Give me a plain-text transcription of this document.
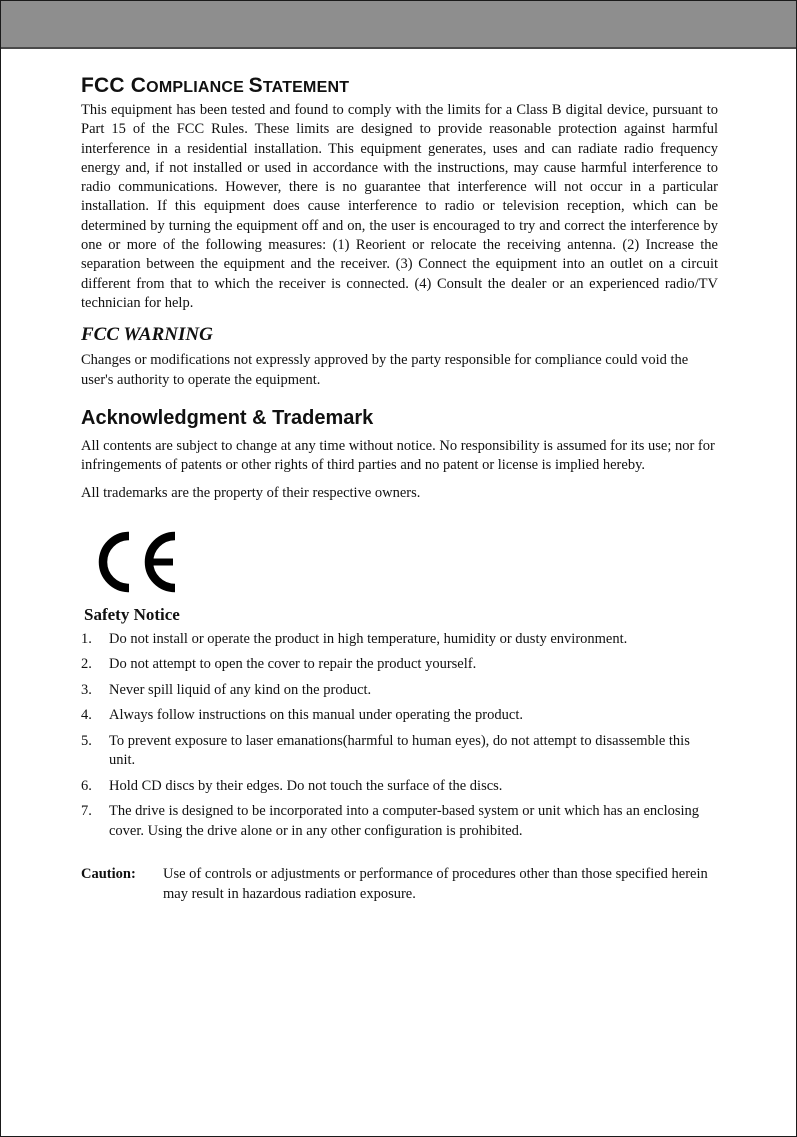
FCC COMPLIANCE STATEMENT

This equipment has been tested and found to comply with the limits for a Class B digital device, pursuant to Part 15 of the FCC Rules. These limits are designed to provide reasonable protection against harmful interference in a residential installation. This equipment generates, uses and can radiate radio frequency energy and, if not installed or used in accordance with the instructions, may cause harmful interference to radio communications. However, there is no guarantee that interference will not occur in a particular installation. If this equipment does cause interference to radio or television reception, which can be determined by turning the equipment off and on, the user is encouraged to try and correct the interference by one or more of the following measures: (1) Reorient or relocate the receiving antenna. (2) Increase the separation between the equipment and the receiver. (3) Connect the equipment into an outlet on a circuit different from that to which the receiver is connected. (4) Consult the dealer or an experienced radio/TV technician for help.

FCC WARNING

Changes or modifications not expressly approved by the party responsible for compliance could void the user's authority to operate the equipment.

Acknowledgment & Trademark

All contents are subject to change at any time without notice. No responsibility is assumed for its use; nor for infringements of patents or other rights of third parties and no patent or license is implied hereby.

All trademarks are the property of their respective owners.

Safety Notice
1. Do not install or operate the product in high temperature, humidity or dusty environment.
2. Do not attempt to open the cover to repair the product yourself.
3. Never spill liquid of any kind on the product.
4. Always follow instructions on this manual under operating the product.
5. To prevent exposure to laser emanations(harmful to human eyes), do not attempt to disassemble this unit.
6. Hold CD discs by their edges. Do not touch the surface of the discs.
7. The drive is designed to be incorporated into a computer-based system or unit which has an enclosing cover. Using the drive alone or in any other configuration is prohibited.
Caution:	Use of controls or adjustments or performance of procedures other than those specified herein may result in hazardous radiation exposure.
